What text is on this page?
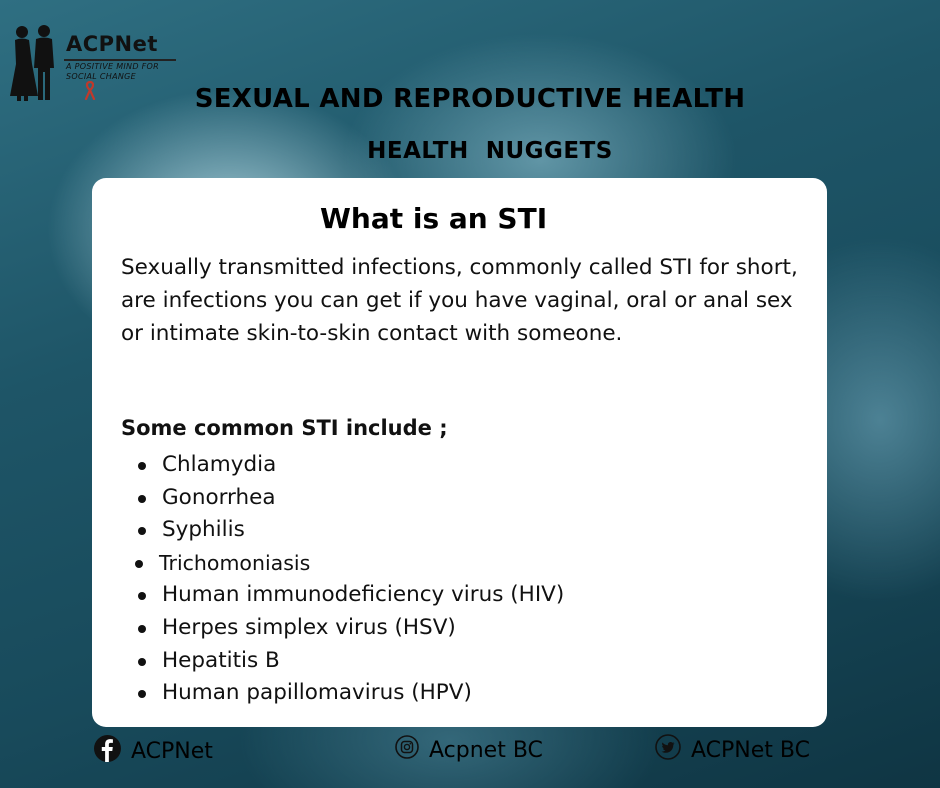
ACPNet
A POSITIVE MIND FOR SOCIAL CHANGE
SEXUAL AND REPRODUCTIVE HEALTH
HEALTH  NUGGETS
What is an STI
Sexually transmitted infections, commonly called STI for short, are infections you can get if you have vaginal, oral or anal sex or intimate skin-to-skin contact with someone.
Some common STI include ;
Chlamydia
Gonorrhea
Syphilis
Trichomoniasis
Human immunodeficiency virus (HIV)
Herpes simplex virus (HSV)
Hepatitis B
Human papillomavirus (HPV)
ACPNet	Acpnet BC	ACPNet BC
